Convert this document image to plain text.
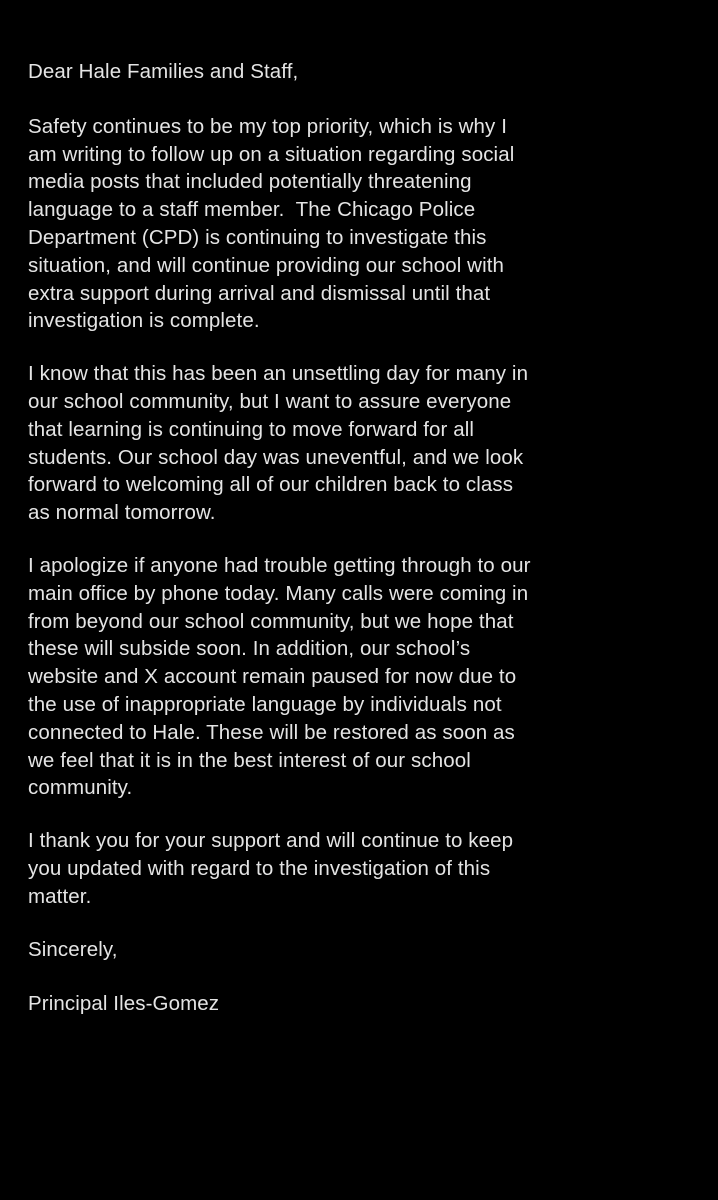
Dear Hale Families and Staff,
Safety continues to be my top priority, which is why I
am writing to follow up on a situation regarding social
media posts that included potentially threatening
language to a staff member.  The Chicago Police
Department (CPD) is continuing to investigate this
situation, and will continue providing our school with
extra support during arrival and dismissal until that
investigation is complete.
I know that this has been an unsettling day for many in
our school community, but I want to assure everyone
that learning is continuing to move forward for all
students. Our school day was uneventful, and we look
forward to welcoming all of our children back to class
as normal tomorrow.
I apologize if anyone had trouble getting through to our
main office by phone today. Many calls were coming in
from beyond our school community, but we hope that
these will subside soon. In addition, our school’s
website and X account remain paused for now due to
the use of inappropriate language by individuals not
connected to Hale. These will be restored as soon as
we feel that it is in the best interest of our school
community.
I thank you for your support and will continue to keep
you updated with regard to the investigation of this
matter.
Sincerely,
Principal Iles-Gomez
